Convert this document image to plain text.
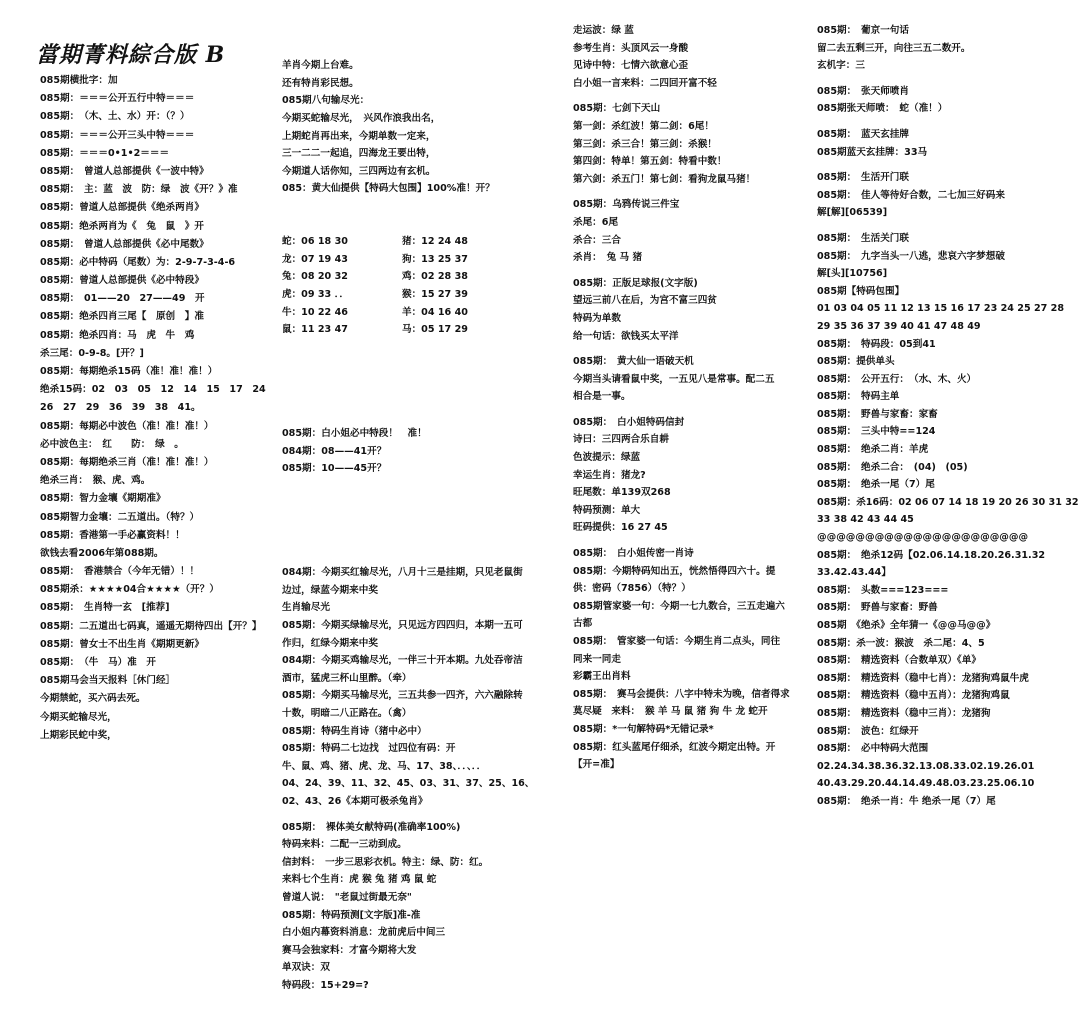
當期菁料綜合版 B
085期横批字：加
085期：＝＝＝公开五行中特＝＝＝
085期：　（木、土、水）开：（？）
085期：＝＝＝公开三头中特＝＝＝
085期：＝＝＝0•1•2＝＝＝
085期：　曾道人总部提供《一波中特》
085期：　主：蓝　波　防：绿　波《开？》准
085期：曾道人总部提供《绝杀两肖》
085期：绝杀两肖为《　兔　鼠　》开
085期：　曾道人总部提供《必中尾数》
085期：必中特码（尾数）为：2-9-7-3-4-6
085期：曾道人总部提供《必中特段》
085期：　01——20　27——49　开
085期：绝杀四肖三尾【　原创　】准
085期：绝杀四肖：马　虎　牛　鸡
杀三尾：0-9-8。[开？]
085期：每期绝杀15码（准！准！准！）
绝杀15码：02　03　05　12　14　15　17　24
26　27　29　36　39　38　41。
085期：每期必中波色（准！准！准！）
必中波色主：　红　　防：　绿　。
085期：每期绝杀三肖（准！准！准！）
绝杀三肖：　猴、虎、鸡。
085期：智力金壤《期期准》
085期智力金壤：二五道出。（特？）
085期：香港第一手必赢资料！！
欲钱去看2006年第088期。
085期：　香港禁合（今年无错）！！
085期杀：★★★★04合★★★★（开？）
085期：　生肖特一玄　[推荐]
085期：二五道出七码真，遥遥无期待四出【开？】
085期：曾女士不出生肖《期期更新》
085期：　（牛　马）准　开
085期马会当天报料［休门经］
今期禁蛇，买六码去死。
今期买蛇输尽光，
上期彩民蛇中奖，

羊肖今期上台难。
还有特肖彩民想。
085期八句输尽光：
今期买蛇输尽光，　兴风作浪我出名，
上期蛇肖再出来，今期单数一定来，
三一二二一起追，四海龙王要出特，
今期道人话你知，三四两边有玄机。
085：黄大仙提供【特码大包围】100%准！开？

蛇：06 18 30	猪：12 24 48
龙：07 19 43	狗：13 25 37
兔：08 20 32	鸡：02 28 38
虎：09 33 ．．	猴：15 27 39
牛：10 22 46	羊：04 16 40
鼠：11 23 47	马：05 17 29

085期：白小姐必中特段！　准！
084期：08——41开？
085期：10——45开？

084期：今期买红输尽光，八月十三是挂期，只见老鼠街
边过，绿蓝今期来中奖
生肖输尽光
085期：今期买绿输尽光，只见远方四四归，本期一五可
作归，红绿今期来中奖
084期：今期买鸡输尽光，一伴三十开本期。九处吞帝洁
酒市，猛虎三杯山里醉。（牵）
085期：今期买马输尽光，三五共参一四齐，六六融除转
十数，明暗二八正路在。（禽）
085期：特码生肖诗（猪中必中）
085期：特码二七边找　过四位有码：开
牛、鼠、鸡、猪、虎、龙、马、17、38、．．、．．
04、24、39、11、32、45、03、31、37、25、16、
02、43、26《本期可极杀兔肖》
085期：　裸体美女献特码(准确率100%)
特码来料：二配一三动到成。
信封料：　一步三思彩衣机。特主：绿、防：红。
来料七个生肖：虎 猴 兔 猪 鸡 鼠 蛇
曾道人说：　"老鼠过街最无奈"
085期：特码预测[文字版]准-准
白小姐内幕资料消息：龙前虎后中间三
赛马会独家料：才富今期将大发
单双诀：双
特码段：15+29=?

走运波：绿 蓝
参考生肖：头顶风云一身酸
见诗中特：七情六欲意心歪
白小姐一言来料：二四回开富不轻
085期：七剑下天山
第一剑：杀红波！第二剑：6尾！
第三剑：杀三合！第三剑：杀猴！
第四剑：特单！第五剑：特看中数！
第六剑：杀五门！第七剑：看狗龙鼠马猪！
085期：乌鸦传说三件宝
杀尾：6尾
杀合：三合
杀肖：　兔 马 猪
085期：正版足球报(文字版)
望远三前八在后，为宫不富三四贫
特码为单数
给一句话：欲钱买太平洋
085期：　黄大仙一语破天机
今期当头请看鼠中奖，一五见八是常事。配二五
相合是一事。
085期：　白小姐特码信封
诗曰：三四两合乐自耕
色波提示：绿蓝
幸运生肖：猪龙?
旺尾数：单139双268
特码预测：单大
旺码提供：16 27 45
085期：　白小姐传密一肖诗
085期：今期特码知出五，恍然悟得四六十。提
供：密码（7856）（特？）
085期管家婆一句：今期一七九数合，三五走遍六
古都
085期：　管家婆一句话：今期生肖二点头，同往
同来一同走
彩霸王出肖料
085期：　赛马会提供：八字中特未为晚，信者得求
莫尽疑　来料：　猴 羊 马 鼠 猪 狗 牛 龙 蛇开
085期：*一句解特码*无错记录*
085期：红头蓝尾仔细杀，红波今期定出特。开
【开=准】
085期：　葡京一句话
留二去五剩三开，向往三五二数开。
玄机字：三
085期：　张天师喷肖
085期张天师喷：　蛇（准！）
085期：　蓝天玄挂牌
085期蓝天玄挂牌：33马
085期：　生活开门联
085期：　佳人等待好合数，二七加三好码来
解[解][06539]
085期：　生活关门联
085期：　九字当头一八逃，悲哀六字梦想破
解[头][10756]
085期【特码包围】
01 03 04 05 11 12 13 15 16 17 23 24 25 27 28
29 35 36 37 39 40 41 47 48 49
085期：　特码段：05到41
085期：提供单头
085期：　公开五行：　（水、木、火）
085期：　特码主单
085期：　野兽与家畜：家畜
085期：　三头中特==124
085期：　绝杀二肖：羊虎
085期：　绝杀二合：　(04)　(05)
085期：　绝杀一尾（7）尾
085期：杀16码：02 06 07 14 18 19 20 26 30 31 32
33 38 42 43 44 45
@@@@@@@@@@@@@@@@@@@@@@
085期：　绝杀12码【02.06.14.18.20.26.31.32
33.42.43.44】
085期：　头数===123===
085期：　野兽与家畜：野兽
085期　《绝杀》全年猜一《@@马@@》
085期：杀一波：猴波　杀二尾：4、5
085期：　精选资料（合数单双）《单》
085期：　精选资料（稳中七肖）：龙猪狗鸡鼠牛虎
085期：　精选资料（稳中五肖）：龙猪狗鸡鼠
085期：　精选资料（稳中三肖）：龙猪狗
085期：　波色：红绿开
085期：　必中特码大范围
02.24.34.38.36.32.13.08.33.02.19.26.01
40.43.29.20.44.14.49.48.03.23.25.06.10
085期：　绝杀一肖：牛 绝杀一尾（7）尾
